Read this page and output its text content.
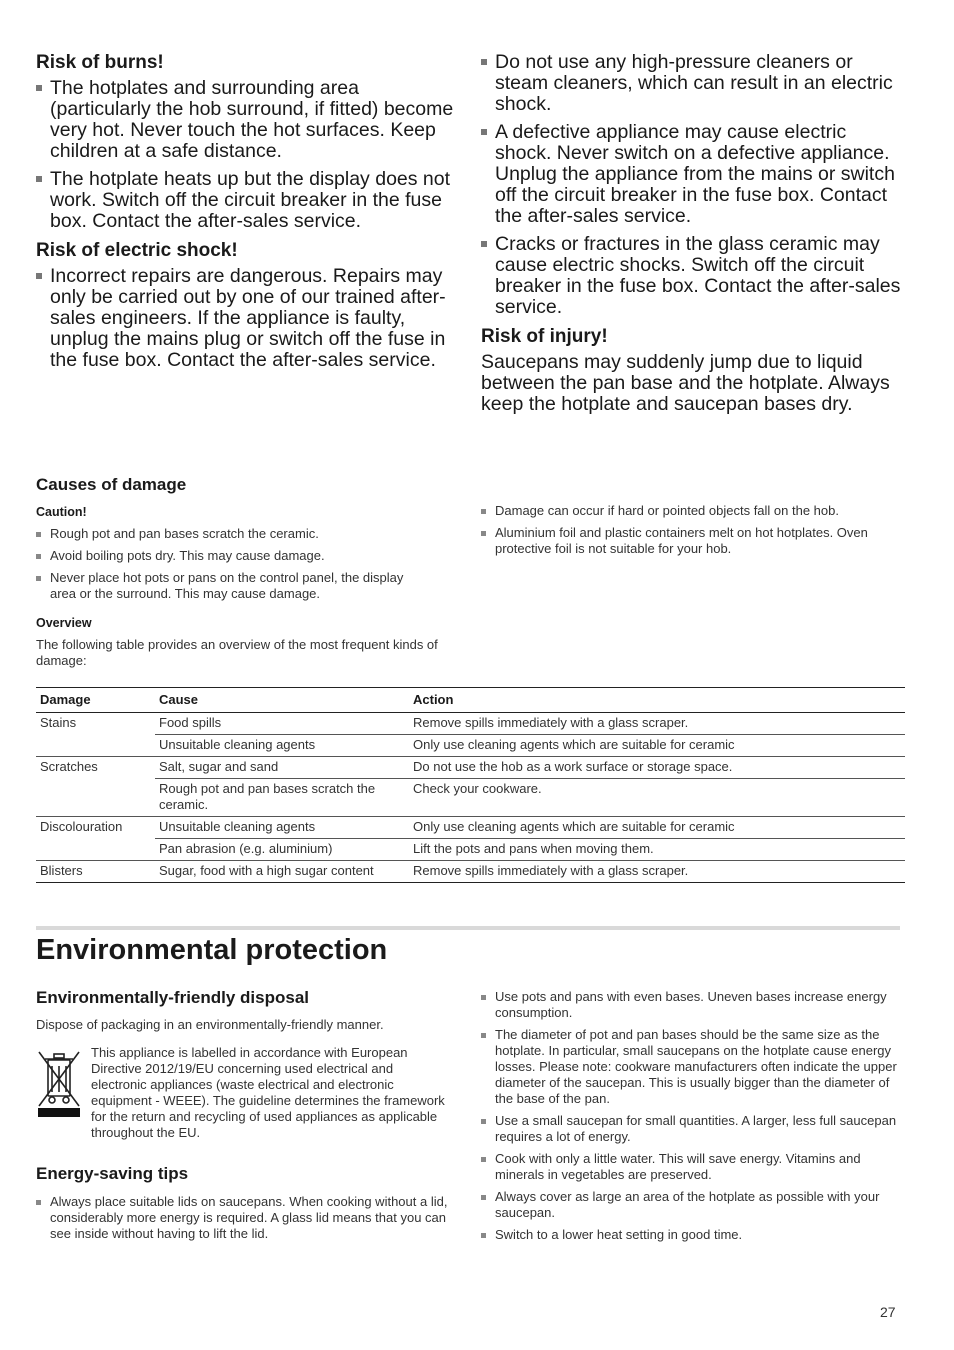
Risk of burns!
The hotplates and surrounding area (particularly the hob surround, if fitted) become very hot. Never touch the hot surfaces. Keep children at a safe distance.
The hotplate heats up but the display does not work. Switch off the circuit breaker in the fuse box. Contact the after-sales service.
Risk of electric shock!
Incorrect repairs are dangerous. Repairs may only be carried out by one of our trained after-sales engineers. If the appliance is faulty, unplug the mains plug or switch off the fuse in the fuse box. Contact the after-sales service.
Do not use any high-pressure cleaners or steam cleaners, which can result in an electric shock.
A defective appliance may cause electric shock. Never switch on a defective appliance. Unplug the appliance from the mains or switch off the circuit breaker in the fuse box. Contact the after-sales service.
Cracks or fractures in the glass ceramic may cause electric shocks. Switch off the circuit breaker in the fuse box. Contact the after-sales service.
Risk of injury!

Saucepans may suddenly jump due to liquid between the pan base and the hotplate. Always keep the hotplate and saucepan bases dry.

Causes of damage
Caution!
Rough pot and pan bases scratch the ceramic.
Avoid boiling pots dry. This may cause damage.
Never place hot pots or pans on the control panel, the display area or the surround. This may cause damage.
Overview

The following table provides an overview of the most frequent kinds of damage:

Damage can occur if hard or pointed objects fall on the hob.
Aluminium foil and plastic containers melt on hot hotplates. Oven protective foil is not suitable for your hob.
Damage	Cause	Action
Stains	Food spills	Remove spills immediately with a glass scraper.
	Unsuitable cleaning agents	Only use cleaning agents which are suitable for ceramic
Scratches	Salt, sugar and sand	Do not use the hob as a work surface or storage space.
	Rough pot and pan bases scratch the ceramic.	Check your cookware.
Discolouration	Unsuitable cleaning agents	Only use cleaning agents which are suitable for ceramic
	Pan abrasion (e.g. aluminium)	Lift the pots and pans when moving them.
Blisters	Sugar, food with a high sugar content	Remove spills immediately with a glass scraper.
Environmental protection
Environmentally-friendly disposal

Dispose of packaging in an environmentally-friendly manner.

This appliance is labelled in accordance with European Directive 2012/19/EU concerning used electrical and electronic appliances (waste electrical and electronic equipment - WEEE). The guideline determines the framework for the return and recycling of used appliances as applicable throughout the EU.

Energy-saving tips
Always place suitable lids on saucepans. When cooking without a lid, considerably more energy is required. A glass lid means that you can see inside without having to lift the lid.
Use pots and pans with even bases. Uneven bases increase energy consumption.
The diameter of pot and pan bases should be the same size as the hotplate. In particular, small saucepans on the hotplate cause energy losses. Please note: cookware manufacturers often indicate the upper diameter of the saucepan. This is usually bigger than the diameter of the base of the pan.
Use a small saucepan for small quantities. A larger, less full saucepan requires a lot of energy.
Cook with only a little water. This will save energy. Vitamins and minerals in vegetables are preserved.
Always cover as large an area of the hotplate as possible with your saucepan.
Switch to a lower heat setting in good time.
27
